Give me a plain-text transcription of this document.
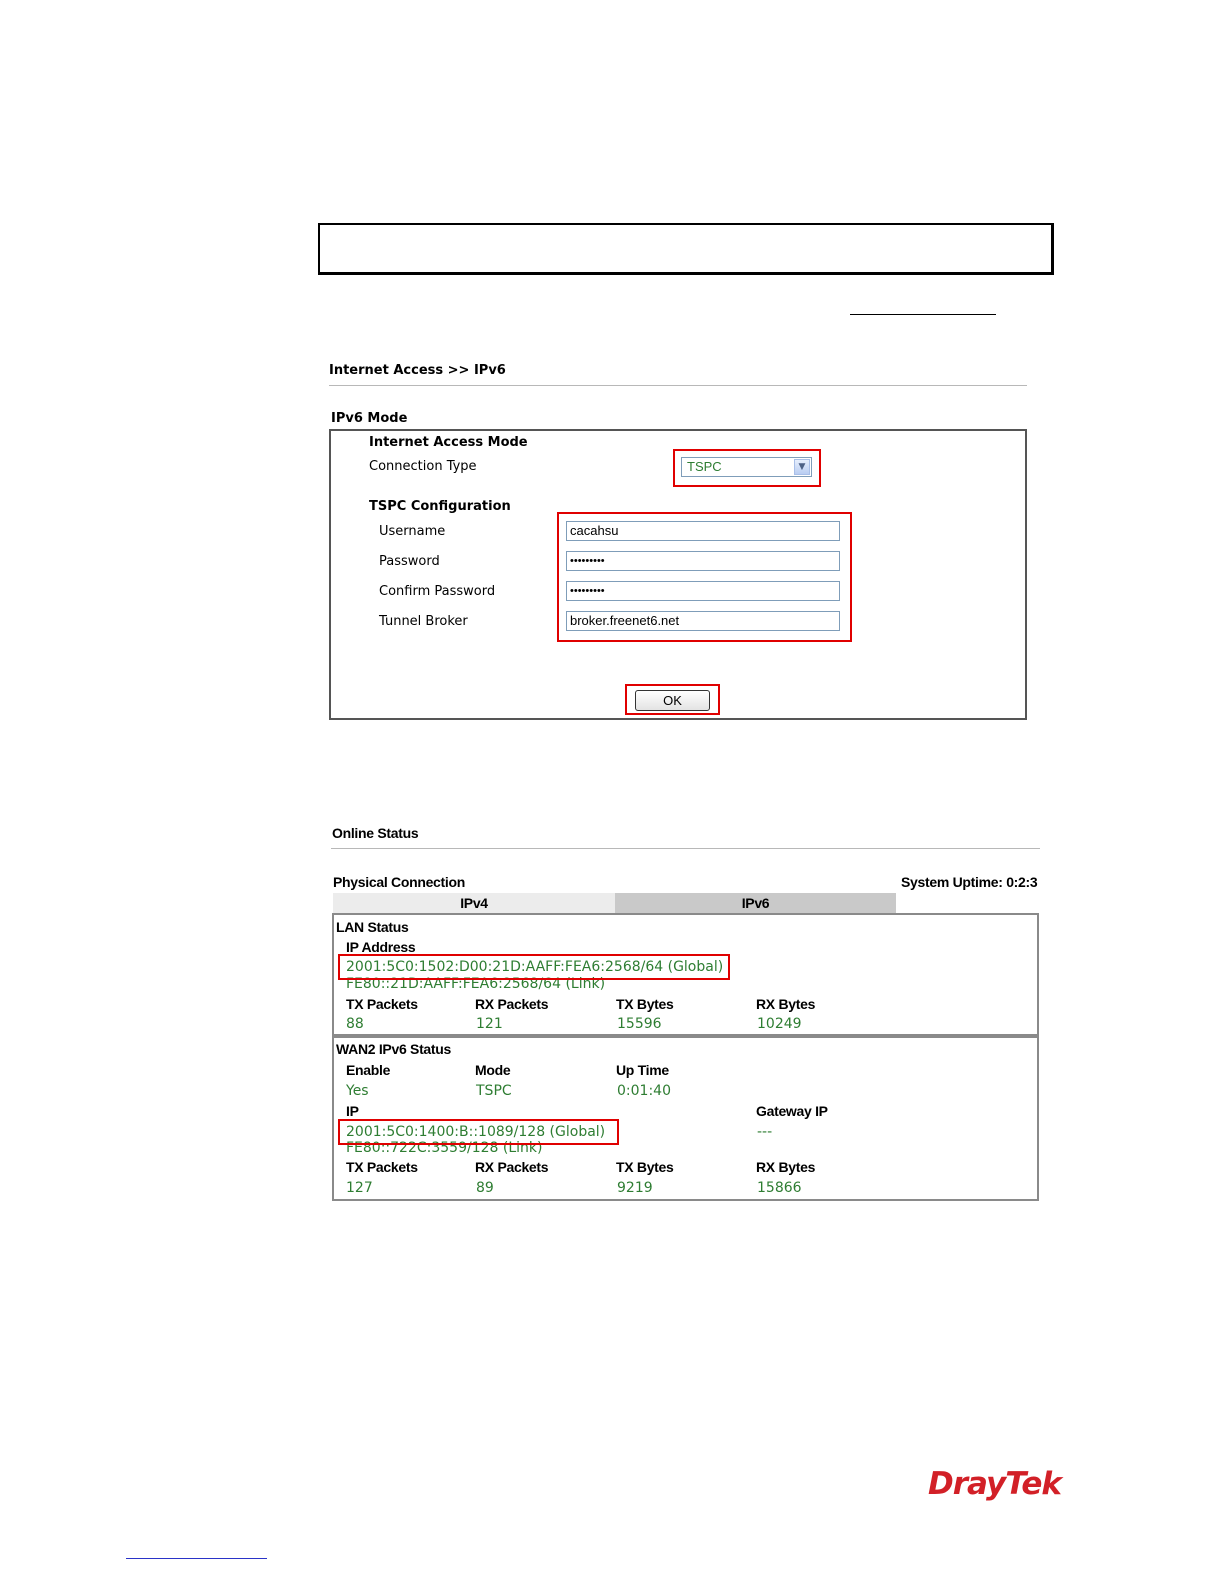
Internet Access >> IPv6
IPv6 Mode
Internet Access Mode
Connection Type	TSPC	▼
TSPC Configuration
Username	cacahsu
Password	•••••••••
Confirm Password	•••••••••
Tunnel Broker	broker.freenet6.net
OK
Online Status
Physical Connection	System Uptime: 0:2:3
IPv4	IPv6
LAN Status
IP Address
FE80::21D:AAFF:FEA6:2568/64 (Link)
2001:5C0:1502:D00:21D:AAFF:FEA6:2568/64 (Global)
TX Packets	RX Packets	TX Bytes	RX Bytes
88	121	15596	10249
WAN2 IPv6 Status
Enable	Mode	Up Time
Yes	TSPC	0:01:40
IP	Gateway IP
FE80::722C:3559/128 (Link)
2001:5C0:1400:B::1089/128 (Global)	---
TX Packets	RX Packets	TX Bytes	RX Bytes
127	89	9219	15866
DrayTek
